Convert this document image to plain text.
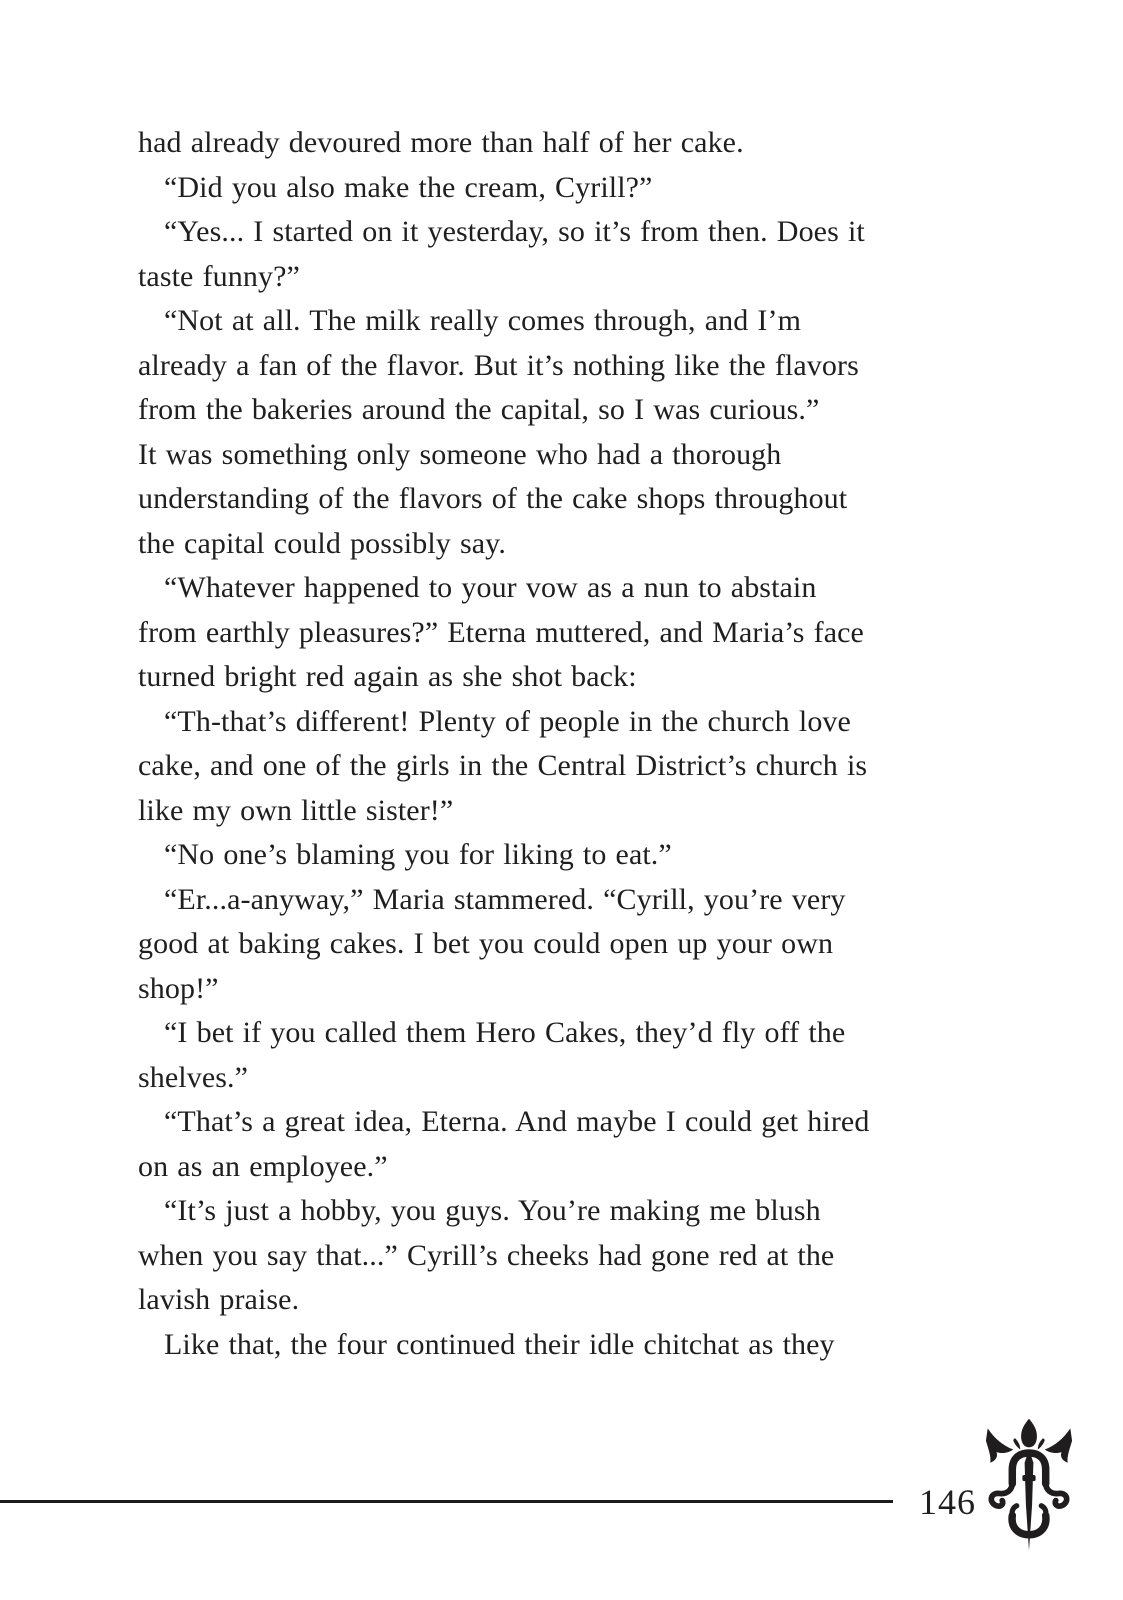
had already devoured more than half of her cake.
“Did you also make the cream, Cyrill?”
“Yes... I started on it yesterday, so it’s from then. Does it
taste funny?”
“Not at all. The milk really comes through, and I’m
already a fan of the flavor. But it’s nothing like the flavors
from the bakeries around the capital, so I was curious.”
It was something only someone who had a thorough
understanding of the flavors of the cake shops throughout
the capital could possibly say.
“Whatever happened to your vow as a nun to abstain
from earthly pleasures?” Eterna muttered, and Maria’s face
turned bright red again as she shot back:
“Th-that’s different! Plenty of people in the church love
cake, and one of the girls in the Central District’s church is
like my own little sister!”
“No one’s blaming you for liking to eat.”
“Er...a-anyway,” Maria stammered. “Cyrill, you’re very
good at baking cakes. I bet you could open up your own
shop!”
“I bet if you called them Hero Cakes, they’d fly off the
shelves.”
“That’s a great idea, Eterna. And maybe I could get hired
on as an employee.”
“It’s just a hobby, you guys. You’re making me blush
when you say that...” Cyrill’s cheeks had gone red at the
lavish praise.
Like that, the four continued their idle chitchat as they
146
